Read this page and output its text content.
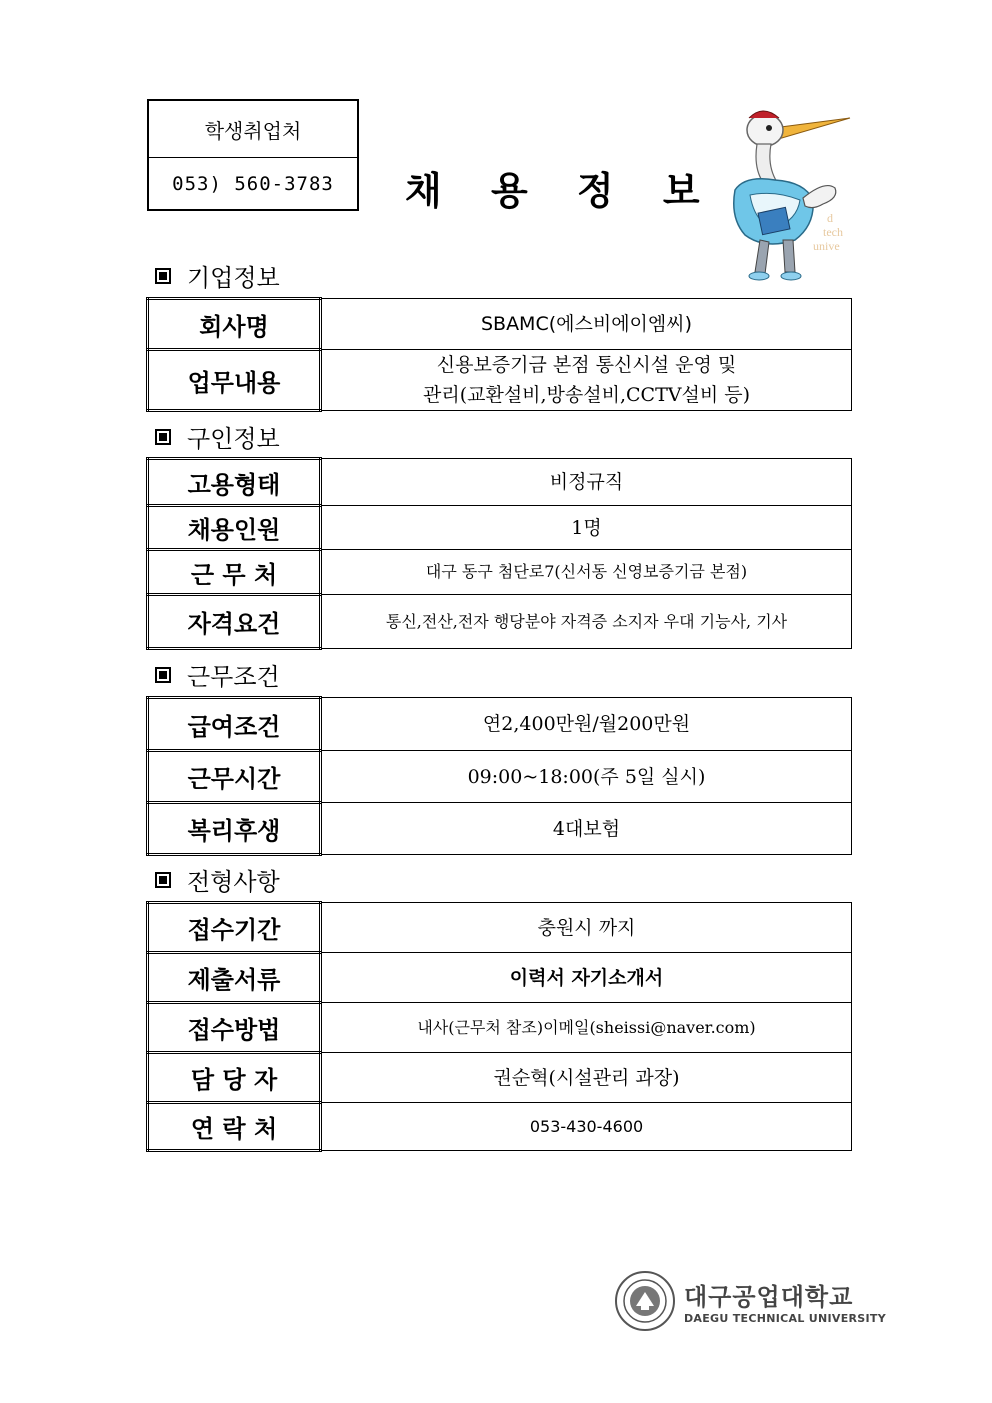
학생취업처
053) 560-3783	채 용 정 보
d
tech
unive
기업정보
회사명	SBAMC(에스비에이엠씨)
업무내용	신용보증기금 본점 통신시설 운영 및
관리(교환설비,방송설비,CCTV설비 등)
구인정보
고용형태	비정규직
채용인원	1명
근 무 처	대구 동구 첨단로7(신서동 신영보증기금 본점)
자격요건	통신,전산,전자 행당분야 자격증 소지자 우대 기능사, 기사
근무조건
급여조건	연2,400만원/월200만원
근무시간	09:00~18:00(주 5일 실시)
복리후생	4대보험
전형사항
접수기간	충원시 까지
제출서류	이력서 자기소개서
접수방법	내사(근무처 참조)이메일(sheissi@naver.com)
담 당 자	권순혁(시설관리 과장)
연 락 처	053-430-4600
대구공업대학교
DAEGU TECHNICAL UNIVERSITY
